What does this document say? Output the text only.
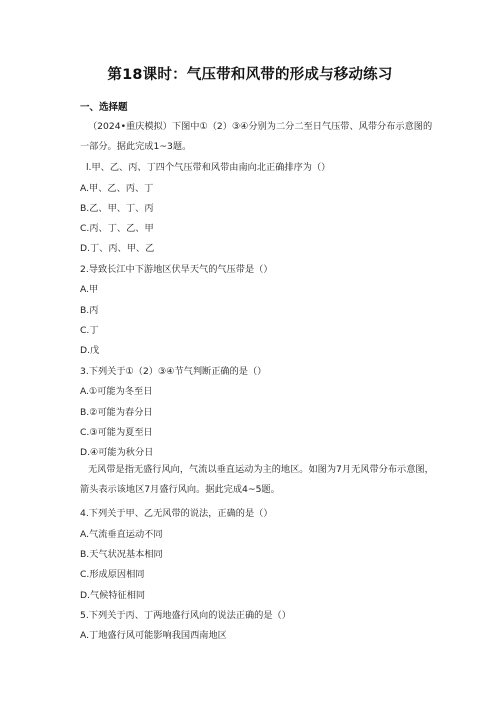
第18课时：气压带和风带的形成与移动练习
一、选择题
（2024•重庆模拟）下图中①（2）③④分别为二分二至日气压带、风带分布示意图的一部分。据此完成1~3题。
l.甲、乙、丙、丁四个气压带和风带由南向北正确排序为（）
A.甲、乙、丙、丁
B.乙、甲、丁、丙
C.丙、丁、乙、甲
D.丁、丙、甲、乙
2.导致长江中下游地区伏旱天气的气压带是（）
A.甲
B.丙
C.丁
D.戊
3.下列关于①（2）③④节气判断正确的是（）
A.①可能为冬至日
B.②可能为春分日
C.③可能为夏至日
D.④可能为秋分日
无风带是指无盛行风向，气流以垂直运动为主的地区。如图为7月无风带分布示意图，箭头表示该地区7月盛行风向。据此完成4~5题。
4.下列关于甲、乙无风带的说法，正确的是（）
A.气流垂直运动不同
B.天气状况基本相同
C.形成原因相同
D.气候特征相同
5.下列关于丙、丁两地盛行风向的说法正确的是（）
A.丁地盛行风可能影响我国西南地区
